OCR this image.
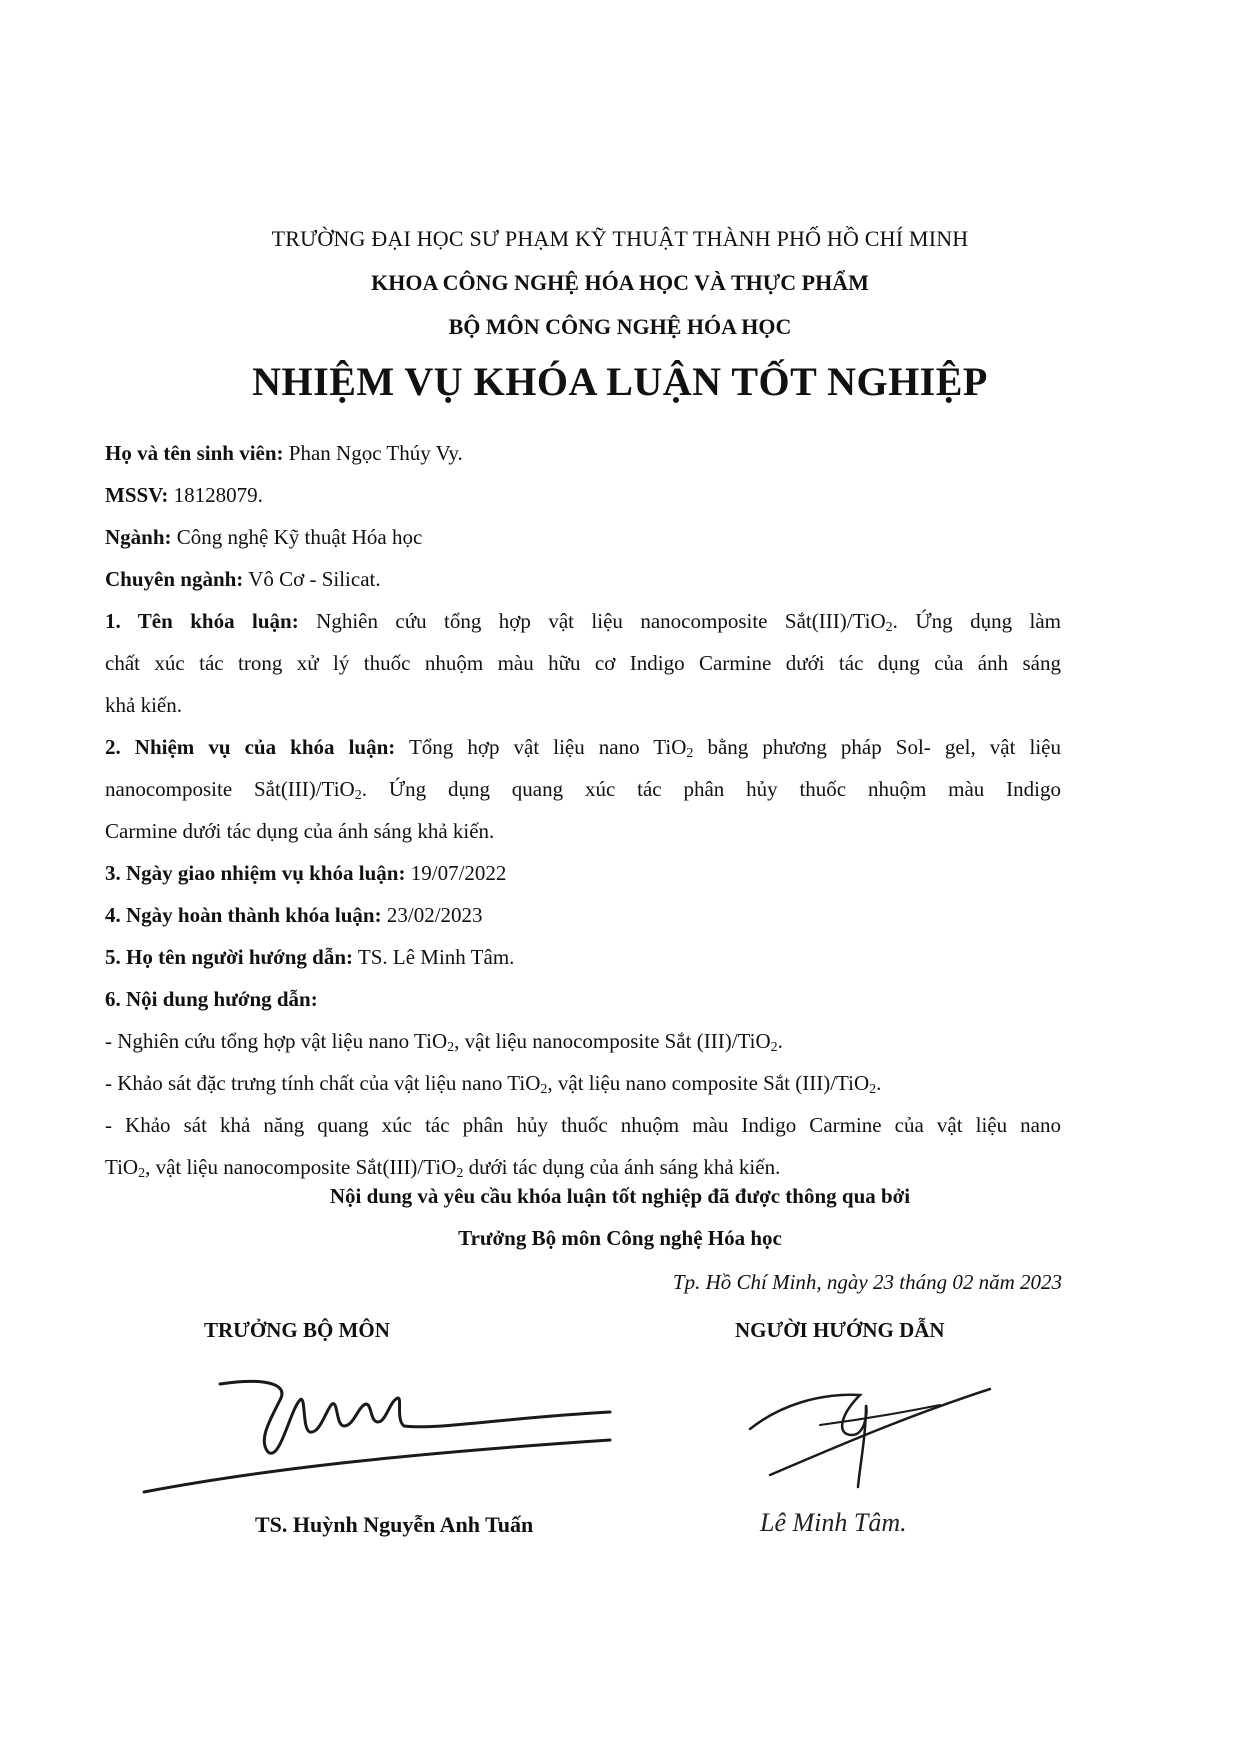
TRƯỜNG ĐẠI HỌC SƯ PHẠM KỸ THUẬT THÀNH PHỐ HỒ CHÍ MINH
KHOA CÔNG NGHỆ HÓA HỌC VÀ THỰC PHẨM
BỘ MÔN CÔNG NGHỆ HÓA HỌC
NHIỆM VỤ KHÓA LUẬN TỐT NGHIỆP
Họ và tên sinh viên: Phan Ngọc Thúy Vy.
MSSV: 18128079.
Ngành: Công nghệ Kỹ thuật Hóa học
Chuyên ngành: Vô Cơ - Silicat.
1. Tên khóa luận: Nghiên cứu tổng hợp vật liệu nanocomposite Sắt(III)/TiO$_2$. Ứng dụng làm
chất xúc tác trong xử lý thuốc nhuộm màu hữu cơ Indigo Carmine dưới tác dụng của ánh sáng
khả kiến.
2. Nhiệm vụ của khóa luận: Tổng hợp vật liệu nano TiO$_2$ bằng phương pháp Sol- gel, vật liệu
nanocomposite Sắt(III)/TiO$_2$. Ứng dụng quang xúc tác phân hủy thuốc nhuộm màu Indigo
Carmine dưới tác dụng của ánh sáng khả kiến.
3. Ngày giao nhiệm vụ khóa luận: 19/07/2022
4. Ngày hoàn thành khóa luận: 23/02/2023
5. Họ tên người hướng dẫn: TS. Lê Minh Tâm.
6. Nội dung hướng dẫn:
- Nghiên cứu tổng hợp vật liệu nano TiO$_2$, vật liệu nanocomposite Sắt (III)/TiO$_2$.
- Khảo sát đặc trưng tính chất của vật liệu nano TiO$_2$, vật liệu nano composite Sắt (III)/TiO$_2$.
- Khảo sát khả năng quang xúc tác phân hủy thuốc nhuộm màu Indigo Carmine của vật liệu nano
TiO$_2$, vật liệu nanocomposite Sắt(III)/TiO$_2$ dưới tác dụng của ánh sáng khả kiến.
Nội dung và yêu cầu khóa luận tốt nghiệp đã được thông qua bởi
Trưởng Bộ môn Công nghệ Hóa học
Tp. Hồ Chí Minh, ngày 23 tháng 02 năm 2023
TRƯỞNG BỘ MÔN	NGƯỜI HƯỚNG DẪN
TS. Huỳnh Nguyễn Anh Tuấn	Lê Minh Tâm.
